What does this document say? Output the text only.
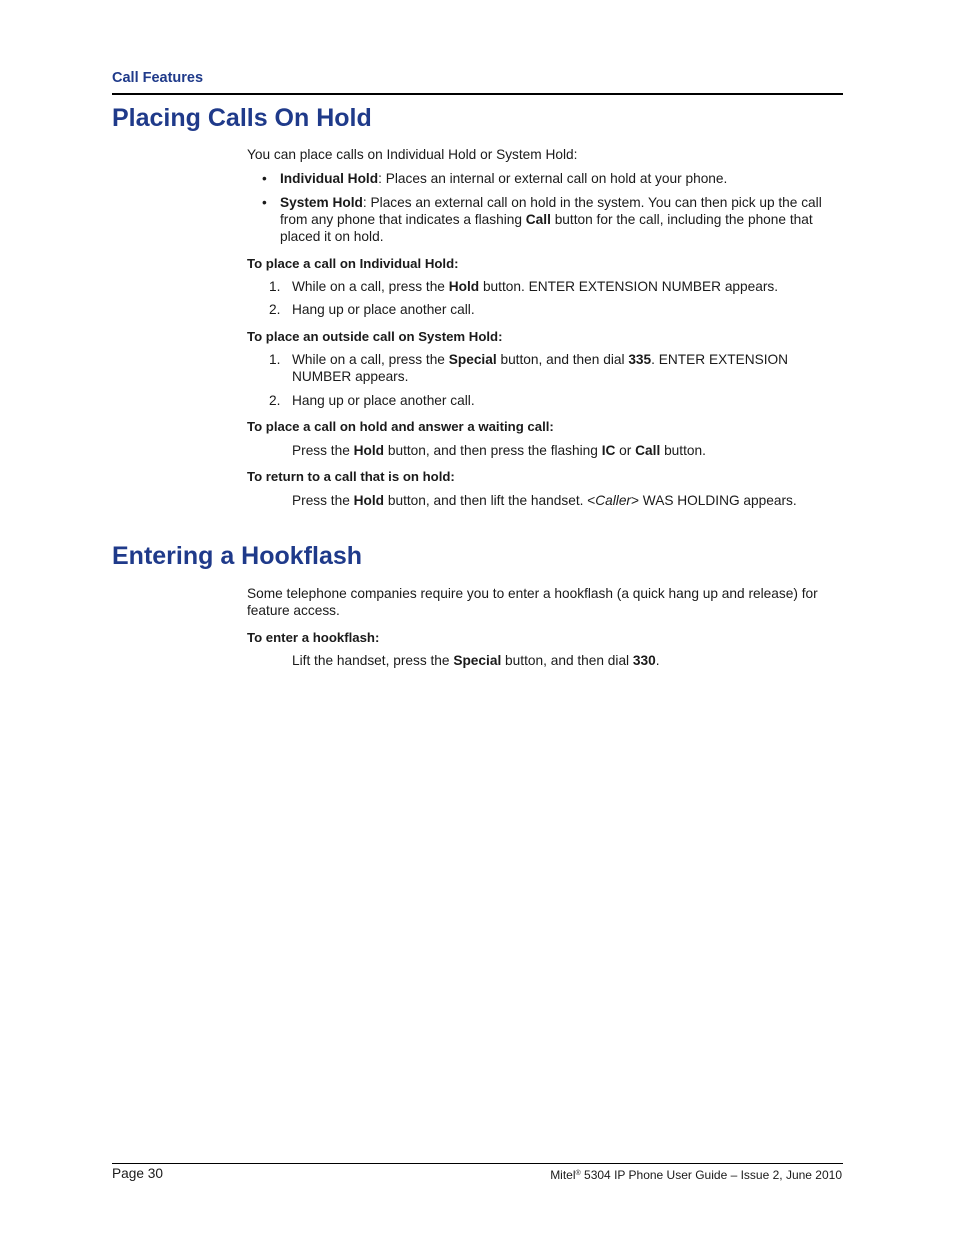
Call Features
Placing Calls On Hold

You can place calls on Individual Hold or System Hold:

• Individual Hold: Places an internal or external call on hold at your phone.
• System Hold: Places an external call on hold in the system. You can then pick up the call
from any phone that indicates a flashing Call button for the call, including the phone that
placed it on hold.

To place a call on Individual Hold:

1. While on a call, press the Hold button. ENTER EXTENSION NUMBER appears.
2. Hang up or place another call.

To place an outside call on System Hold:

1. While on a call, press the Special button, and then dial 335. ENTER EXTENSION
NUMBER appears.
2. Hang up or place another call.

To place a call on hold and answer a waiting call:

Press the Hold button, and then press the flashing IC or Call button.

To return to a call that is on hold:

Press the Hold button, and then lift the handset. <Caller> WAS HOLDING appears.

Entering a Hookflash

Some telephone companies require you to enter a hookflash (a quick hang up and release) for
feature access.

To enter a hookflash:

Lift the handset, press the Special button, and then dial 330.

Page 30	Mitel® 5304 IP Phone User Guide – Issue 2, June 2010
